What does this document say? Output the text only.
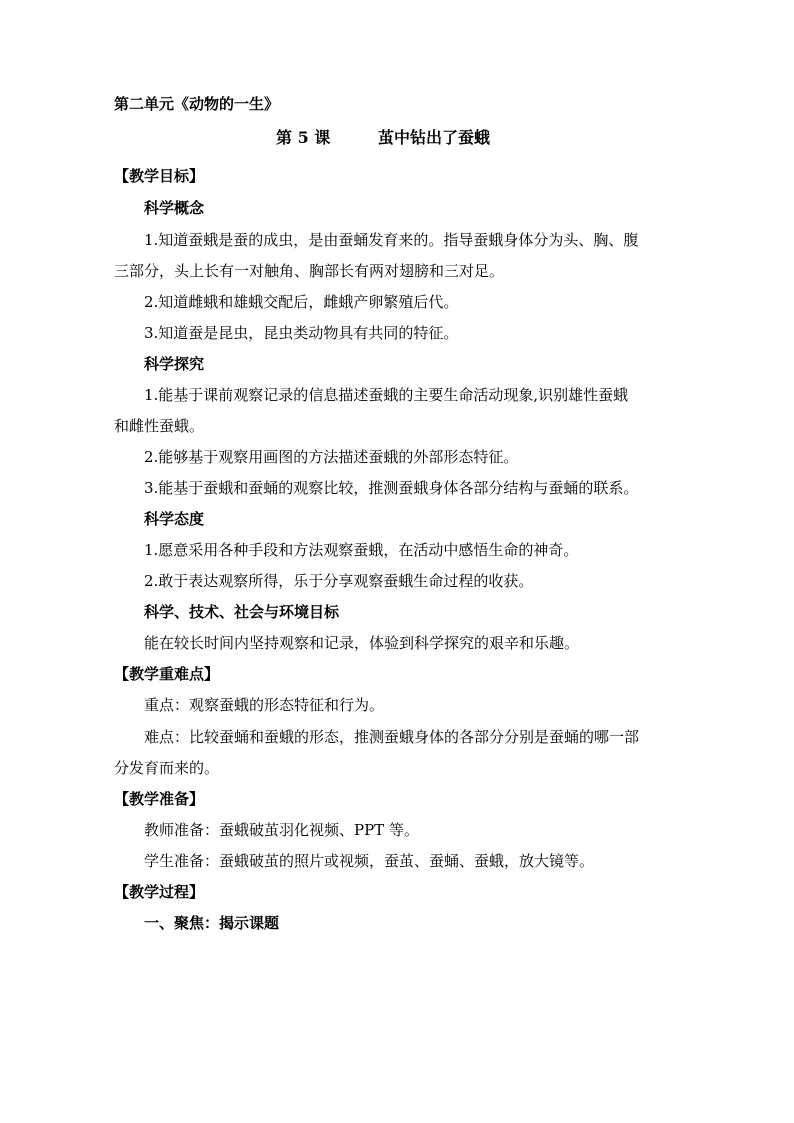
第二单元《动物的一生》
第 5 课	茧中钻出了蚕蛾
【教学目标】
科学概念
1.知道蚕蛾是蚕的成虫，是由蚕蛹发育来的。指导蚕蛾身体分为头、胸、腹
三部分，头上长有一对触角、胸部长有两对翅膀和三对足。
2.知道雌蛾和雄蛾交配后，雌蛾产卵繁殖后代。
3.知道蚕是昆虫，昆虫类动物具有共同的特征。
科学探究
1.能基于课前观察记录的信息描述蚕蛾的主要生命活动现象,识别雄性蚕蛾
和雌性蚕蛾。
2.能够基于观察用画图的方法描述蚕蛾的外部形态特征。
3.能基于蚕蛾和蚕蛹的观察比较，推测蚕蛾身体各部分结构与蚕蛹的联系。
科学态度
1.愿意采用各种手段和方法观察蚕蛾，在活动中感悟生命的神奇。
2.敢于表达观察所得，乐于分享观察蚕蛾生命过程的收获。
科学、技术、社会与环境目标
能在较长时间内坚持观察和记录，体验到科学探究的艰辛和乐趣。
【教学重难点】
重点：观察蚕蛾的形态特征和行为。
难点：比较蚕蛹和蚕蛾的形态，推测蚕蛾身体的各部分分别是蚕蛹的哪一部
分发育而来的。
【教学准备】
教师准备：蚕蛾破茧羽化视频、PPT 等。
学生准备：蚕蛾破茧的照片或视频，蚕茧、蚕蛹、蚕蛾，放大镜等。
【教学过程】
一、聚焦：揭示课题
